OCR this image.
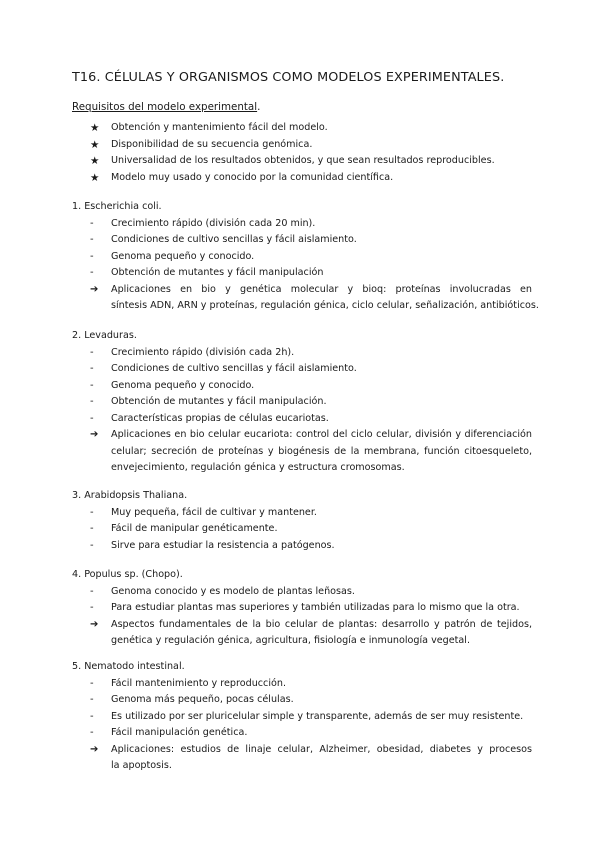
T16. CÉLULAS Y ORGANISMOS COMO MODELOS EXPERIMENTALES.
Requisitos del modelo experimental.
★	Obtención y mantenimiento fácil del modelo.
★	Disponibilidad de su secuencia genómica.
★	Universalidad de los resultados obtenidos, y que sean resultados reproducibles.
★	Modelo muy usado y conocido por la comunidad científica.
1. Escherichia coli.
-	Crecimiento rápido (división cada 20 min).
-	Condiciones de cultivo sencillas y fácil aislamiento.
-	Genoma pequeño y conocido.
-	Obtención de mutantes y fácil manipulación
➔	Aplicaciones en bio y genética molecular y bioq: proteínas involucradas en
síntesis ADN, ARN y proteínas, regulación génica, ciclo celular, señalización, antibióticos.
2. Levaduras.
-	Crecimiento rápido (división cada 2h).
-	Condiciones de cultivo sencillas y fácil aislamiento.
-	Genoma pequeño y conocido.
-	Obtención de mutantes y fácil manipulación.
-	Características propias de células eucariotas.
➔	Aplicaciones en bio celular eucariota: control del ciclo celular, división y diferenciación
celular; secreción de proteínas y biogénesis de la membrana, función citoesqueleto,
envejecimiento, regulación génica y estructura cromosomas.
3. Arabidopsis Thaliana.
-	Muy pequeña, fácil de cultivar y mantener.
-	Fácil de manipular genéticamente.
-	Sirve para estudiar la resistencia a patógenos.
4. Populus sp. (Chopo).
-	Genoma conocido y es modelo de plantas leñosas.
-	Para estudiar plantas mas superiores y también utilizadas para lo mismo que la otra.
➔	Aspectos fundamentales de la bio celular de plantas: desarrollo y patrón de tejidos,
genética y regulación génica, agricultura, fisiología e inmunología vegetal.
5. Nematodo intestinal.
-	Fácil mantenimiento y reproducción.
-	Genoma más pequeño, pocas células.
-	Es utilizado por ser pluricelular simple y transparente, además de ser muy resistente.
-	Fácil manipulación genética.
➔	Aplicaciones: estudios de linaje celular, Alzheimer, obesidad, diabetes y procesos
la apoptosis.
